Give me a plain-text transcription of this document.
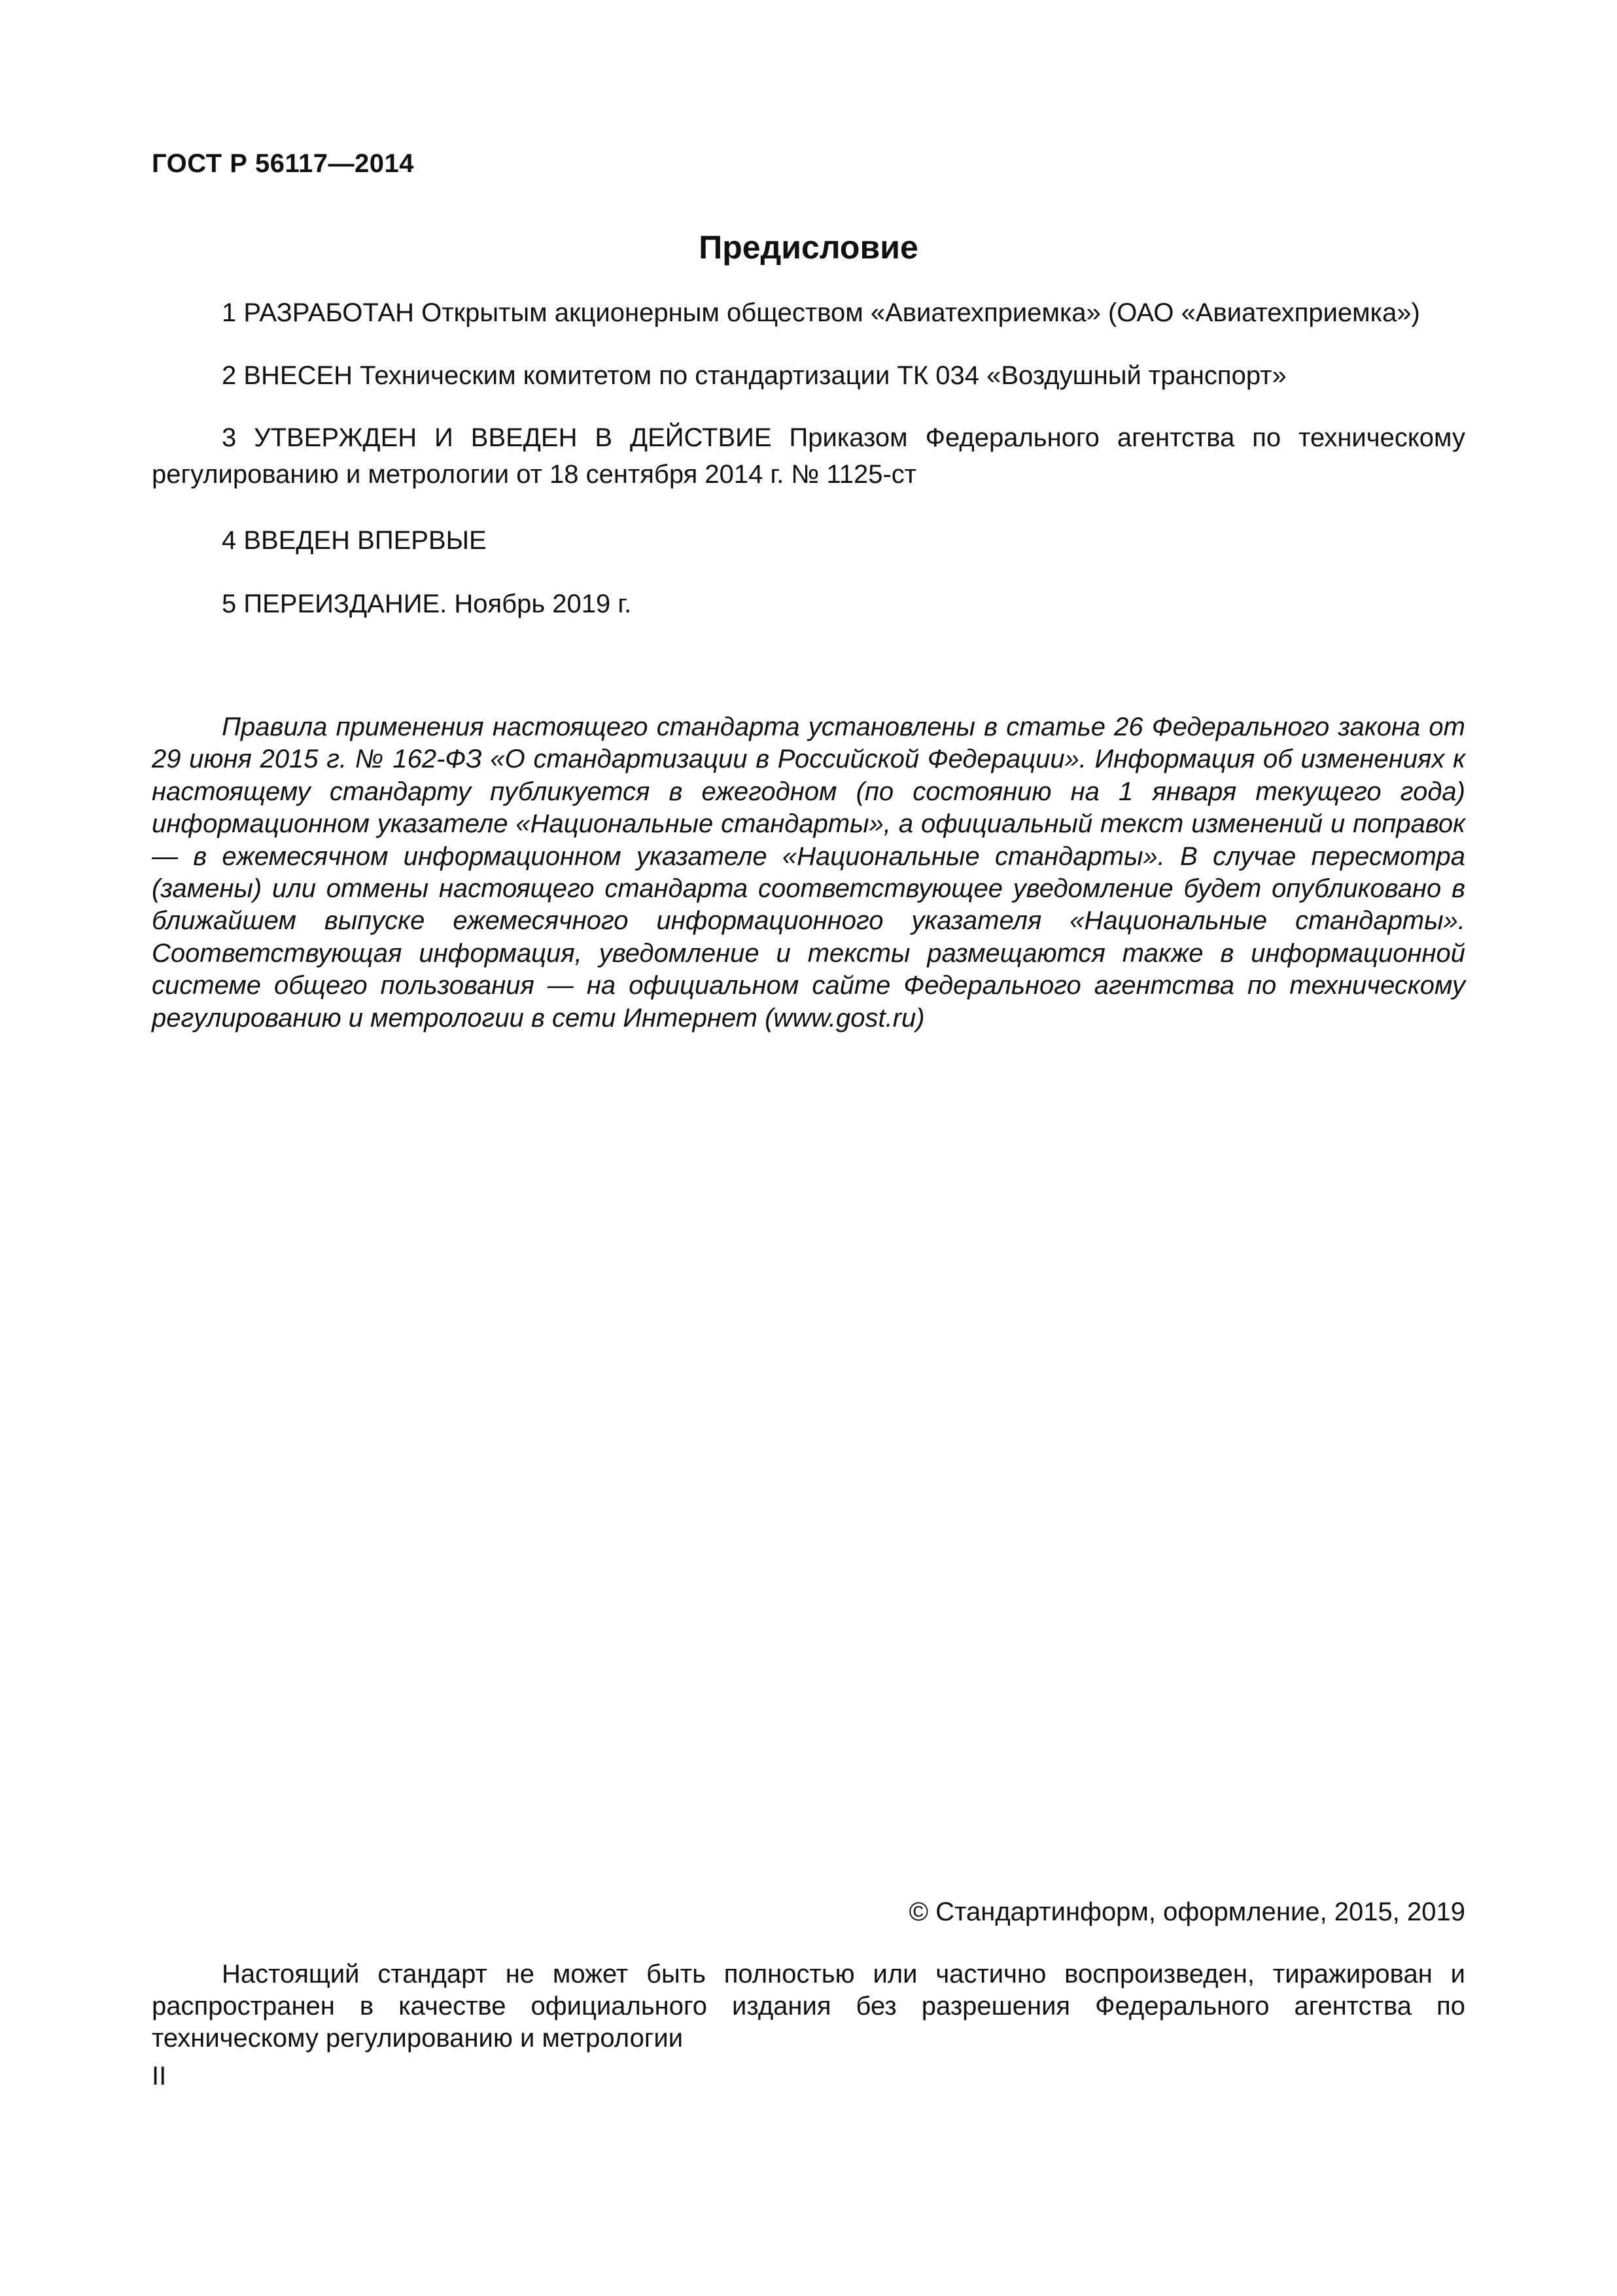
ГОСТ Р 56117—2014
Предисловие
1 РАЗРАБОТАН Открытым акционерным обществом «Авиатехприемка» (ОАО «Авиатехприемка»)
2 ВНЕСЕН Техническим комитетом по стандартизации ТК 034 «Воздушный транспорт»
3 УТВЕРЖДЕН И ВВЕДЕН В ДЕЙСТВИЕ Приказом Федерального агентства по техническому регулированию и метрологии от 18 сентября 2014 г. № 1125-ст
4 ВВЕДЕН ВПЕРВЫЕ
5 ПЕРЕИЗДАНИЕ. Ноябрь 2019 г.
Правила применения настоящего стандарта установлены в статье 26 Федерального закона от 29 июня 2015 г. № 162-ФЗ «О стандартизации в Российской Федерации». Информация об изменениях к настоящему стандарту публикуется в ежегодном (по состоянию на 1 января текущего года) информационном указателе «Национальные стандарты», а официальный текст изменений и поправок — в ежемесячном информационном указателе «Национальные стандарты». В случае пересмотра (замены) или отмены настоящего стандарта соответствующее уведомление будет опубликовано в ближайшем выпуске ежемесячного информационного указателя «Национальные стандарты». Соответствующая информация, уведомление и тексты размещаются также в информационной системе общего пользования — на официальном сайте Федерального агентства по техническому регулированию и метрологии в сети Интернет (www.gost.ru)
© Стандартинформ, оформление, 2015, 2019
Настоящий стандарт не может быть полностью или частично воспроизведен, тиражирован и распространен в качестве официального издания без разрешения Федерального агентства по техническому регулированию и метрологии
II
